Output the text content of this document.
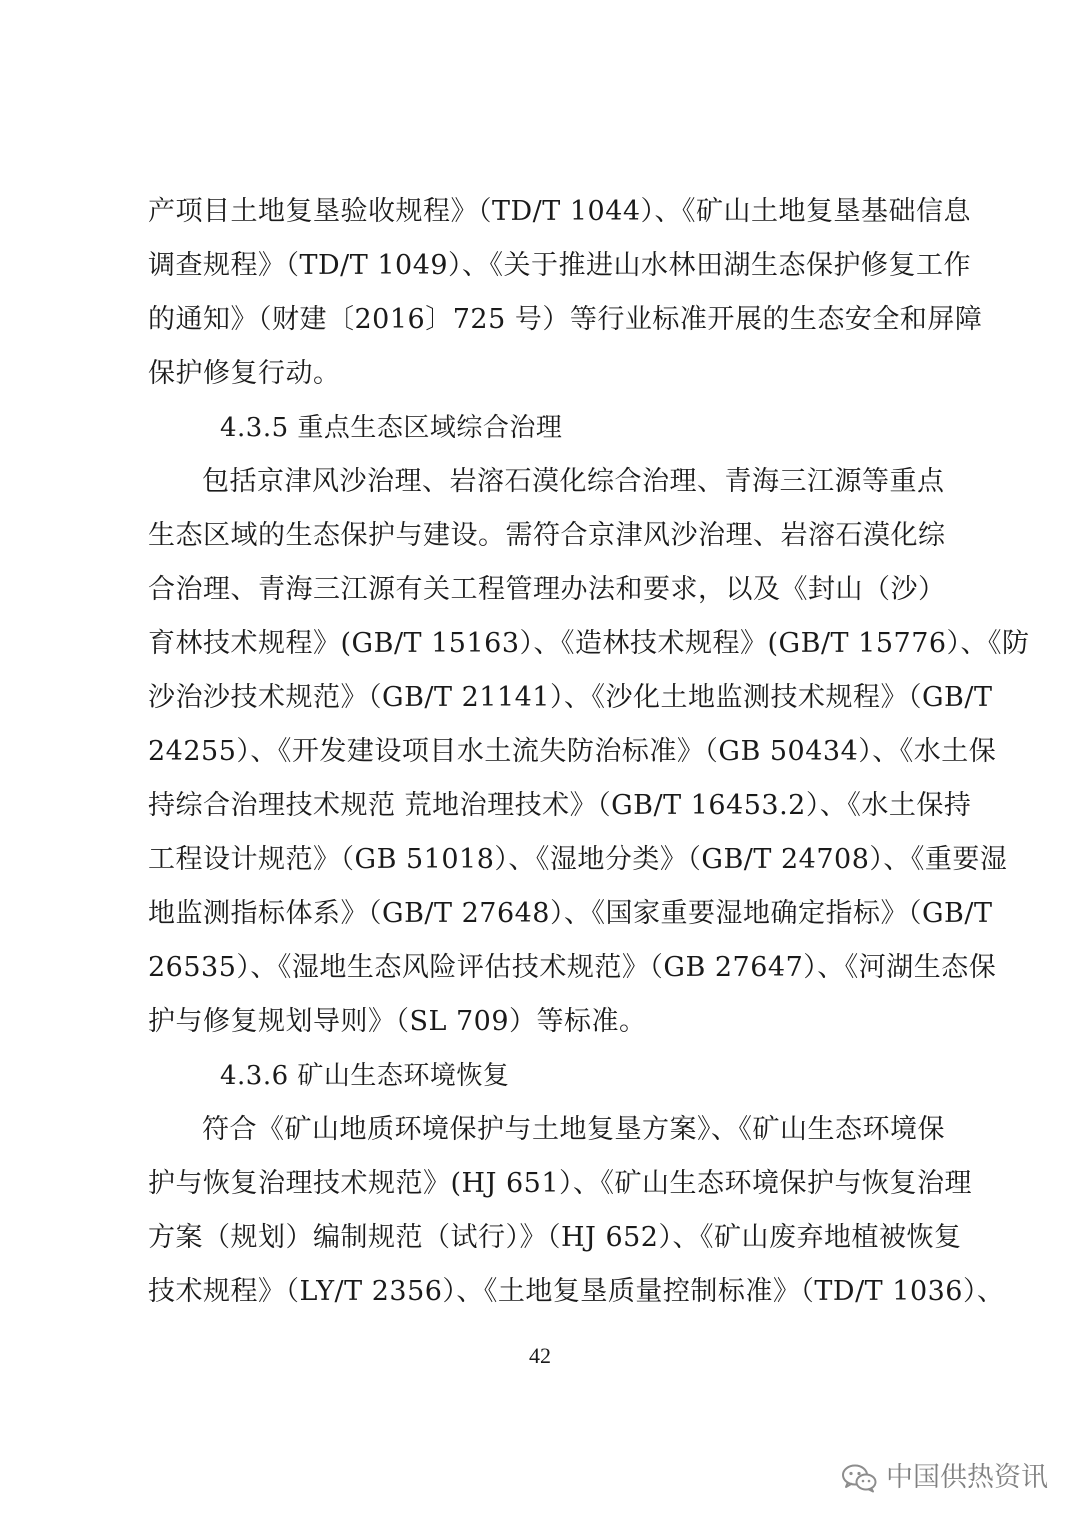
产项目土地复垦验收规程》（TD/T 1044）、《矿山土地复垦基础信息
调查规程》（TD/T 1049）、《关于推进山水林田湖生态保护修复工作
的通知》（财建〔2016〕725 号）等行业标准开展的生态安全和屏障
保护修复行动。
4.3.5 重点生态区域综合治理
包括京津风沙治理、岩溶石漠化综合治理、青海三江源等重点
生态区域的生态保护与建设。需符合京津风沙治理、岩溶石漠化综
合治理、青海三江源有关工程管理办法和要求，以及《封山（沙）
育林技术规程》(GB/T 15163）、《造林技术规程》(GB/T 15776）、《防
沙治沙技术规范》（GB/T 21141）、《沙化土地监测技术规程》（GB/T
24255）、《开发建设项目水土流失防治标准》（GB 50434）、《水土保
持综合治理技术规范 荒地治理技术》（GB/T 16453.2）、《水土保持
工程设计规范》（GB 51018）、《湿地分类》（GB/T 24708）、《重要湿
地监测指标体系》（GB/T 27648）、《国家重要湿地确定指标》（GB/T
26535）、《湿地生态风险评估技术规范》（GB 27647）、《河湖生态保
护与修复规划导则》（SL 709）等标准。
4.3.6 矿山生态环境恢复
符合《矿山地质环境保护与土地复垦方案》、《矿山生态环境保
护与恢复治理技术规范》(HJ 651）、《矿山生态环境保护与恢复治理
方案（规划）编制规范（试行）》（HJ 652）、《矿山废弃地植被恢复
技术规程》（LY/T 2356）、《土地复垦质量控制标准》（TD/T 1036）、
42
中国供热资讯
